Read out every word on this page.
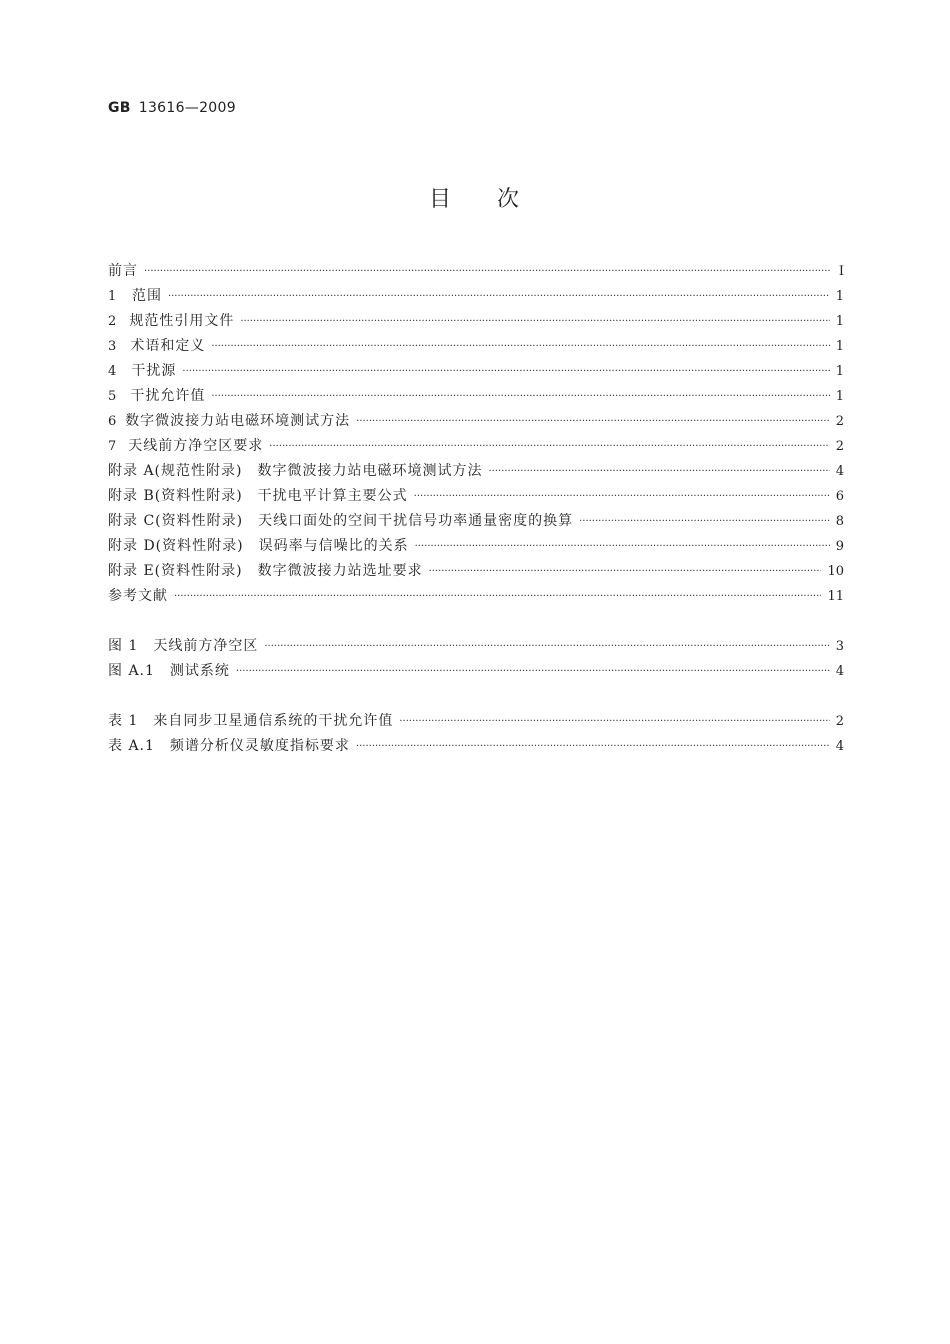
GB 13616—2009
目 次
前言 ·····	Ⅰ
1	范围 ·····	1
2 规范性引用文件 ·····	1
3	术语和定义 ·····	1
4	干扰源 ·····	1
5	干扰允许值 ·····	1
6 数字微波接力站电磁环境测试方法 ·····	2
7 天线前方净空区要求 ·····	2
附录 A(规范性附录)　数字微波接力站电磁环境测试方法 ·····	4
附录 B(资料性附录)　干扰电平计算主要公式 ·····	6
附录 C(资料性附录)　天线口面处的空间干扰信号功率通量密度的换算 ·····	8
附录 D(资料性附录)　误码率与信噪比的关系 ·····	9
附录 E(资料性附录)　数字微波接力站选址要求 ·····	10
参考文献 ·····	11
图 1　天线前方净空区 ·····	3
图 A.1　测试系统 ·····	4
表 1　来自同步卫星通信系统的干扰允许值 ·····	2
表 A.1　频谱分析仪灵敏度指标要求 ·····	4
